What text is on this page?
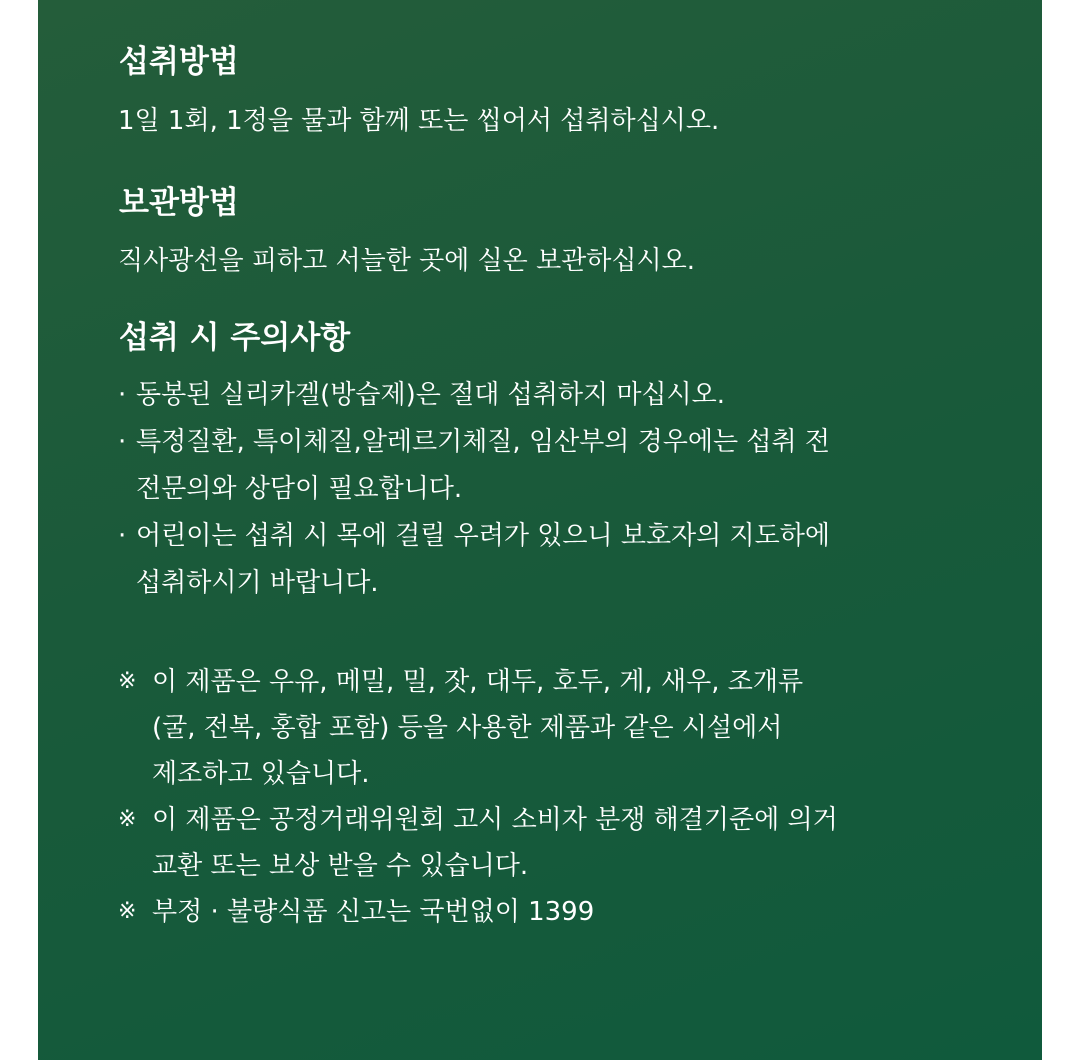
섭취방법

1일 1회, 1정을 물과 함께 또는 씹어서 섭취하십시오.

보관방법

직사광선을 피하고 서늘한 곳에 실온 보관하십시오.

섭취 시 주의사항
· 동봉된 실리카겔(방습제)은 절대 섭취하지 마십시오.
· 특정질환, 특이체질,알레르기체질, 임산부의 경우에는 섭취 전
전문의와 상담이 필요합니다.
· 어린이는 섭취 시 목에 걸릴 우려가 있으니 보호자의 지도하에
섭취하시기 바랍니다.
※ 이 제품은 우유, 메밀, 밀, 잣, 대두, 호두, 게, 새우, 조개류
(굴, 전복, 홍합 포함) 등을 사용한 제품과 같은 시설에서
제조하고 있습니다.
※ 이 제품은 공정거래위원회 고시 소비자 분쟁 해결기준에 의거
교환 또는 보상 받을 수 있습니다.
※ 부정 · 불량식품 신고는 국번없이 1399
